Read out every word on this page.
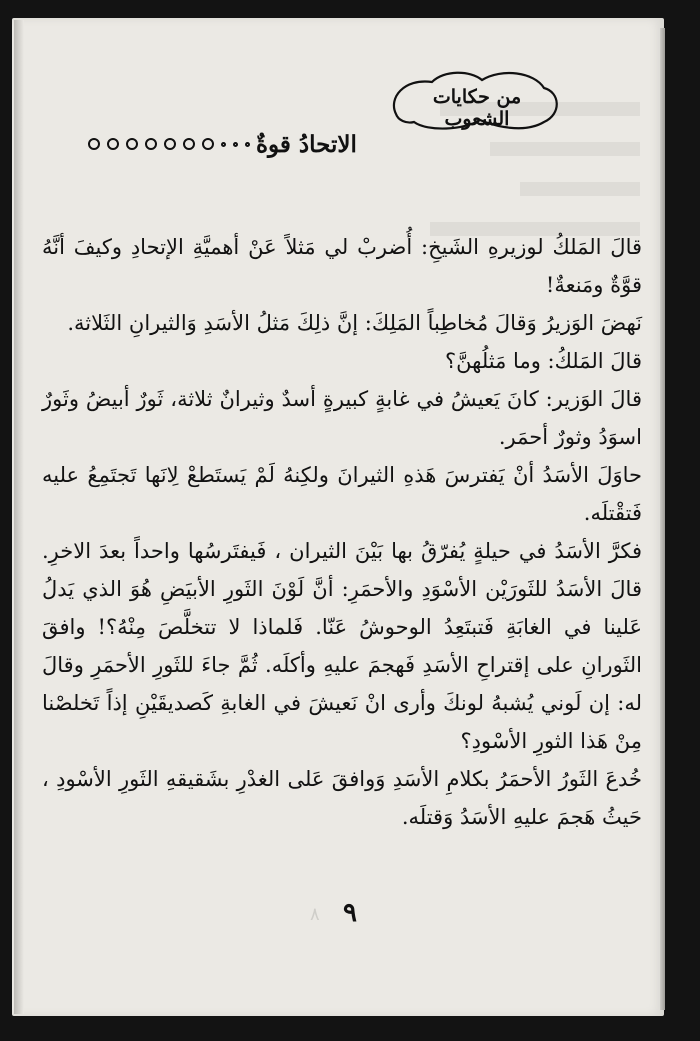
من حكايات الشعوب
الاتحادُ قوةٌ

قالَ المَلكُ لوزيرهِ الشَيخِ: أُضربْ لي مَثلاً عَنْ أهميَّةِ الإتحادِ وكيفَ أنَّهُ قوَّةٌ ومَنعةٌ!

نَهضَ الوَزيرُ وَقالَ مُخاطِباً المَلِكَ: إنَّ ذلِكَ مَثلُ الأسَدِ وَالثيرانِ الثَلاثة.

قالَ المَلكُ: وما مَثلُهنَّ؟

قالَ الوَزير: كانَ يَعيشُ في غابةٍ كبيرةٍ أسدٌ وثيرانٌ ثلاثة، ثَورٌ أبيضُ وثَورٌ اسوَدُ وثورٌ أحمَر.

حاوَلَ الأسَدُ أنْ يَفترسَ هَذهِ الثيرانَ ولكِنهُ لَمْ يَستَطعْ لِانَها تَجتَمِعُ عليه فَتقْتلَه.

فكرَّ الأسَدُ في حيلةٍ يُفرّقُ بها بَيْنَ الثيران ، فَيفتَرسُها واحداً بعدَ الاخرِ. قالَ الأسَدُ للثَورَيْن الأسْوَدِ والأحمَرِ: أنَّ لَوْنَ الثَورِ الأبيَضِ هُوَ الذي يَدلُ عَلينا في الغابَةِ فَتبتَعِدُ الوحوشُ عَنّا. فَلماذا لا تتخلَّصَ مِنْهُ؟! وافقَ الثَورانِ على إقتراحِ الأسَدِ فَهجمَ عليهِ وأكلَه. ثُمَّ جاءَ للثَورِ الأحمَرِ وقالَ له: إن لَوني يُشبهُ لونكَ وأرى انْ نَعيشَ في الغابةِ كَصديقَيْنِ إذاً تَخلصْنا مِنْ هَذا الثورِ الأسْودِ؟

خُدعَ الثَورُ الأحمَرُ بكلامِ الأسَدِ وَوافقَ عَلى الغدْرِ بشَقيقهِ الثَورِ الأسْودِ ، حَيثُ هَجمَ عليهِ الأسَدُ وَقتلَه.

٨ ٩
